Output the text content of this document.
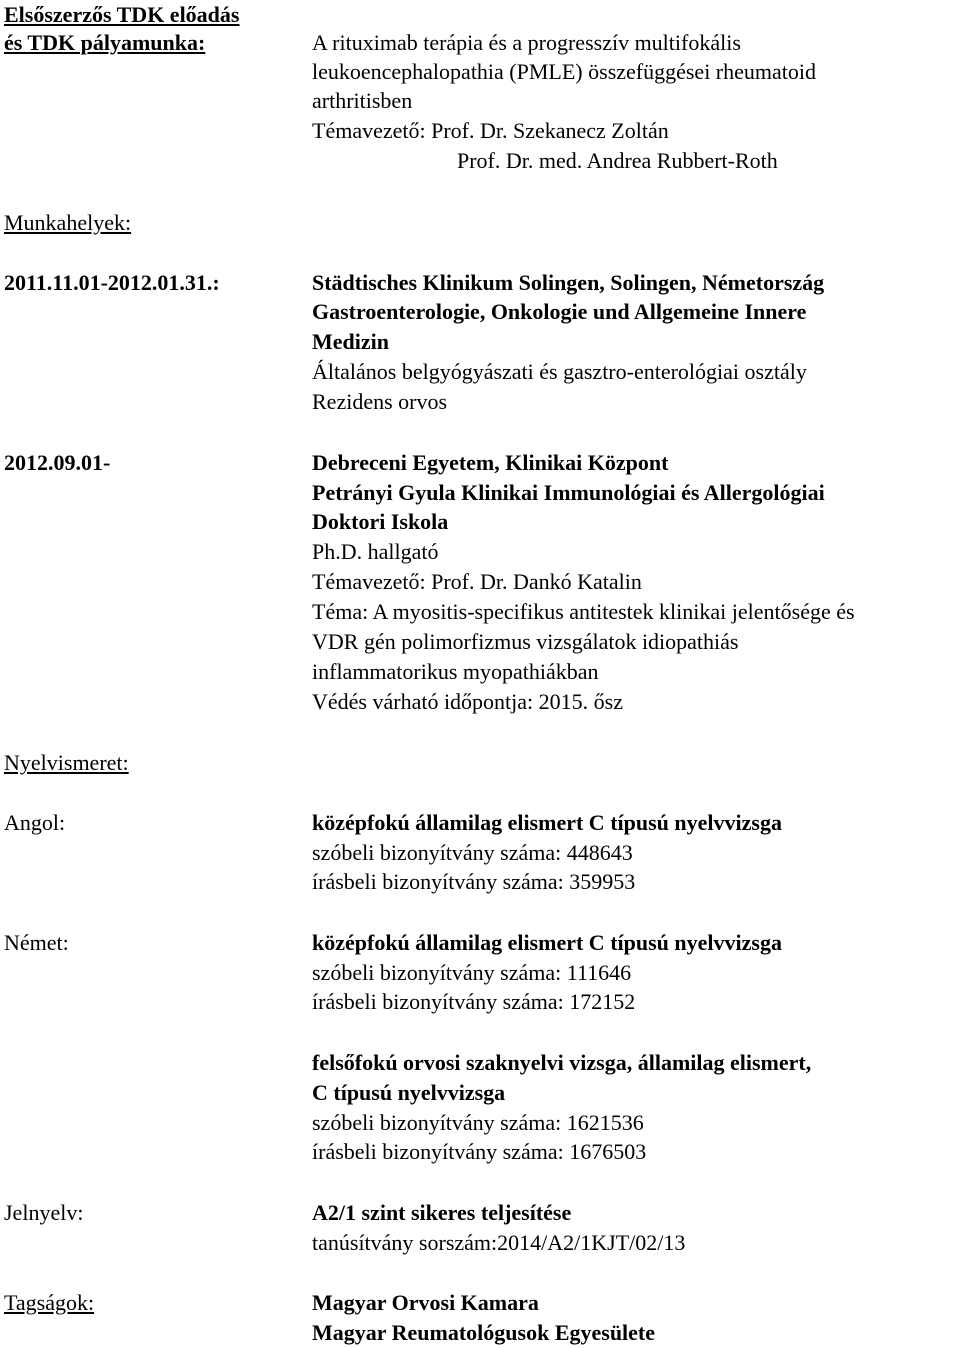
Elsőszerzős TDK előadás
és TDK pályamunka:	A rituximab terápia és a progresszív multifokális
leukoencephalopathia (PMLE) összefüggései rheumatoid
arthritisben
Témavezető: Prof. Dr. Szekanecz Zoltán
Prof. Dr. med. Andrea Rubbert-Roth
Munkahelyek:
2011.11.01-2012.01.31.:	Städtisches Klinikum Solingen, Solingen, Németország
Gastroenterologie, Onkologie und Allgemeine Innere
Medizin
Általános belgyógyászati és gasztro-enterológiai osztály
Rezidens orvos
2012.09.01-	Debreceni Egyetem, Klinikai Központ
Petrányi Gyula Klinikai Immunológiai és Allergológiai
Doktori Iskola
Ph.D. hallgató
Témavezető: Prof. Dr. Dankó Katalin
Téma: A myositis-specifikus antitestek klinikai jelentősége és
VDR gén polimorfizmus vizsgálatok idiopathiás
inflammatorikus myopathiákban
Védés várható időpontja: 2015. ősz
Nyelvismeret:
Angol:	középfokú államilag elismert C típusú nyelvvizsga
szóbeli bizonyítvány száma: 448643
írásbeli bizonyítvány száma: 359953
Német:	középfokú államilag elismert C típusú nyelvvizsga
szóbeli bizonyítvány száma: 111646
írásbeli bizonyítvány száma: 172152
felsőfokú orvosi szaknyelvi vizsga, államilag elismert,
C típusú nyelvvizsga
szóbeli bizonyítvány száma: 1621536
írásbeli bizonyítvány száma: 1676503
Jelnyelv:	A2/1 szint sikeres teljesítése
tanúsítvány sorszám:2014/A2/1KJT/02/13
Tagságok:	Magyar Orvosi Kamara
Magyar Reumatológusok Egyesülete
